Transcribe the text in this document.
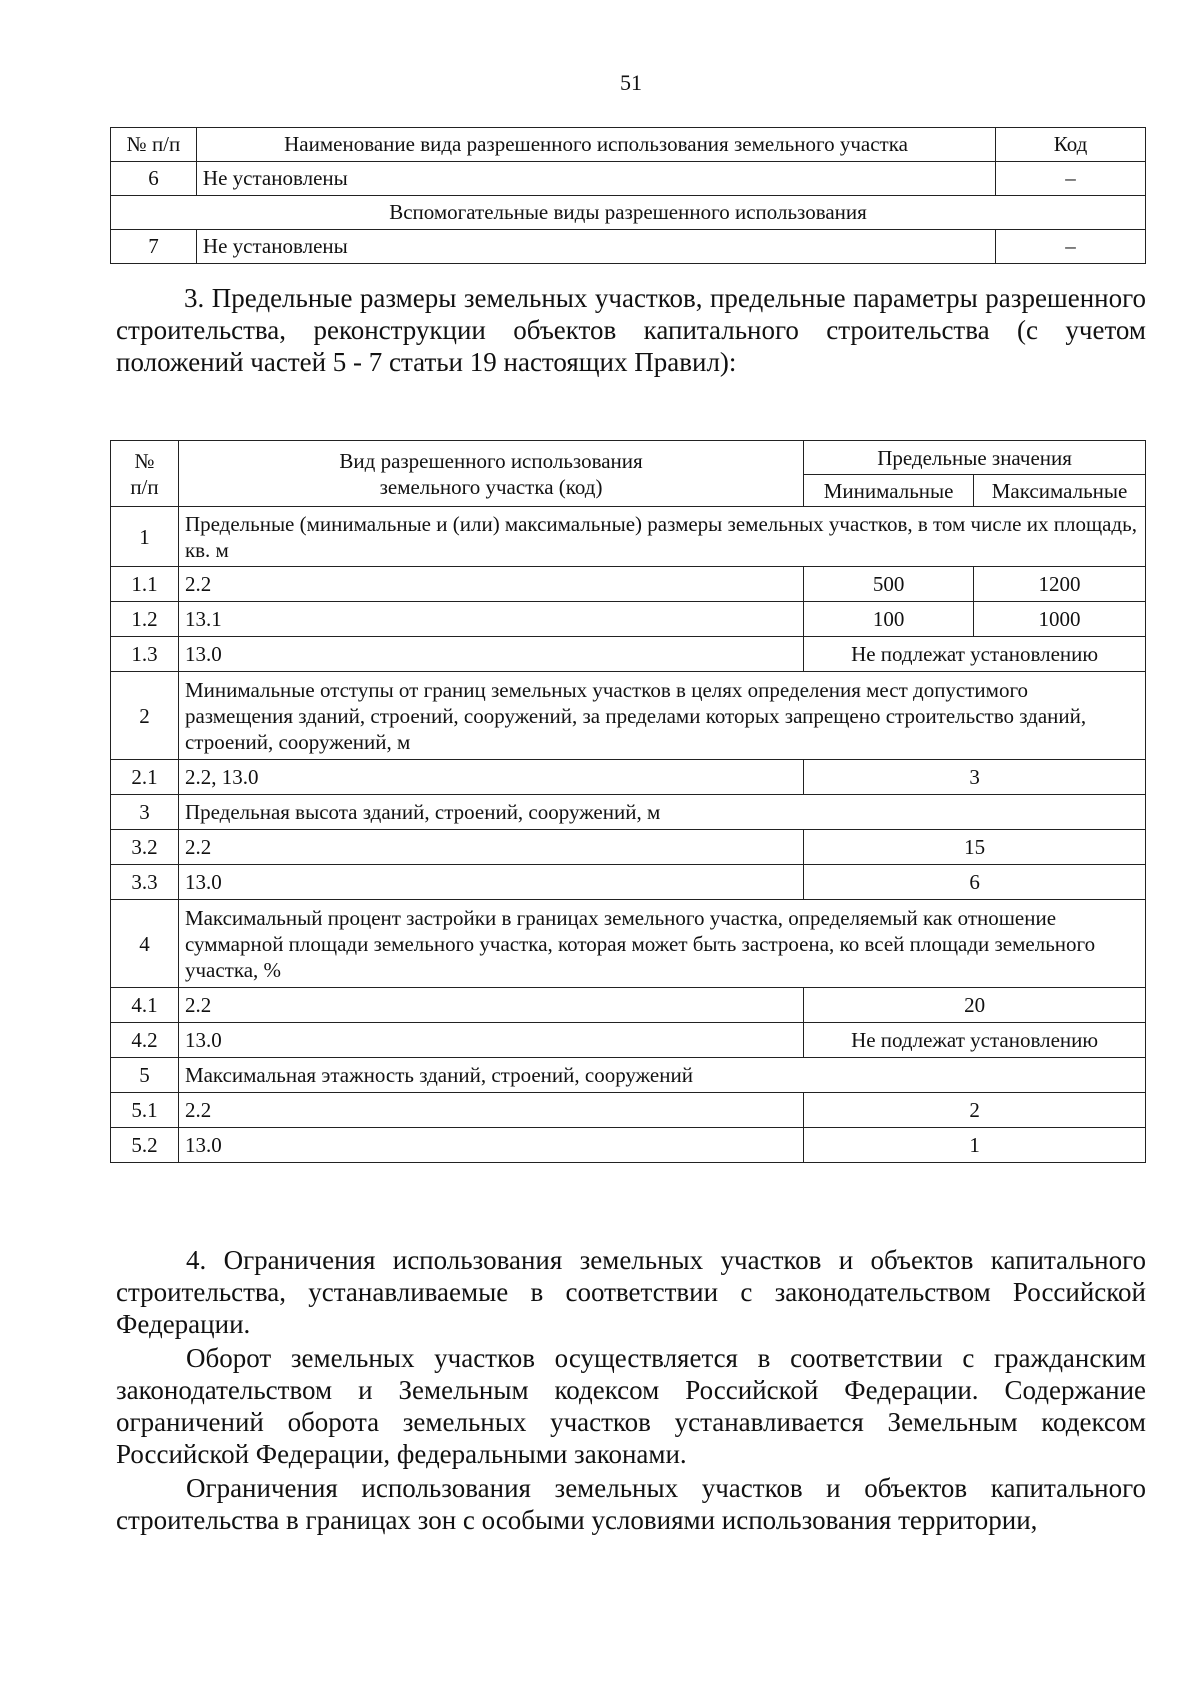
51
№ п/п	Наименование вида разрешенного использования земельного участка	Код
6	Не установлены	–
Вспомогательные виды разрешенного использования		
7	Не установлены	–

3. Предельные размеры земельных участков, предельные параметры разрешенного строительства, реконструкции объектов капитального строительства (с учетом положений частей 5 - 7 статьи 19 настоящих Правил):

№ п/п	Вид разрешенного использования земельного участка (код)	Предельные значения	
		Минимальные	Максимальные
1	Предельные (минимальные и (или) максимальные) размеры земельных участков, в том числе их площадь, кв. м		
1.1	2.2	500	1200
1.2	13.1	100	1000
1.3	13.0	Не подлежат установлению	
2	Минимальные отступы от границ земельных участков в целях определения мест допустимого размещения зданий, строений, сооружений, за пределами которых запрещено строительство зданий, строений, сооружений, м		
2.1	2.2, 13.0	3	
3	Предельная высота зданий, строений, сооружений, м		
3.2	2.2	15	
3.3	13.0	6	
4	Максимальный процент застройки в границах земельного участка, определяемый как отношение суммарной площади земельного участка, которая может быть застроена, ко всей площади земельного участка, %		
4.1	2.2	20	
4.2	13.0	Не подлежат установлению	
5	Максимальная этажность зданий, строений, сооружений		
5.1	2.2	2	
5.2	13.0	1	

4. Ограничения использования земельных участков и объектов капитального строительства, устанавливаемые в соответствии с законодательством Российской Федерации.

Оборот земельных участков осуществляется в соответствии с гражданским законодательством и Земельным кодексом Российской Федерации. Содержание ограничений оборота земельных участков устанавливается Земельным кодексом Российской Федерации, федеральными законами.

Ограничения использования земельных участков и объектов капитального строительства в границах зон с особыми условиями использования территории,
